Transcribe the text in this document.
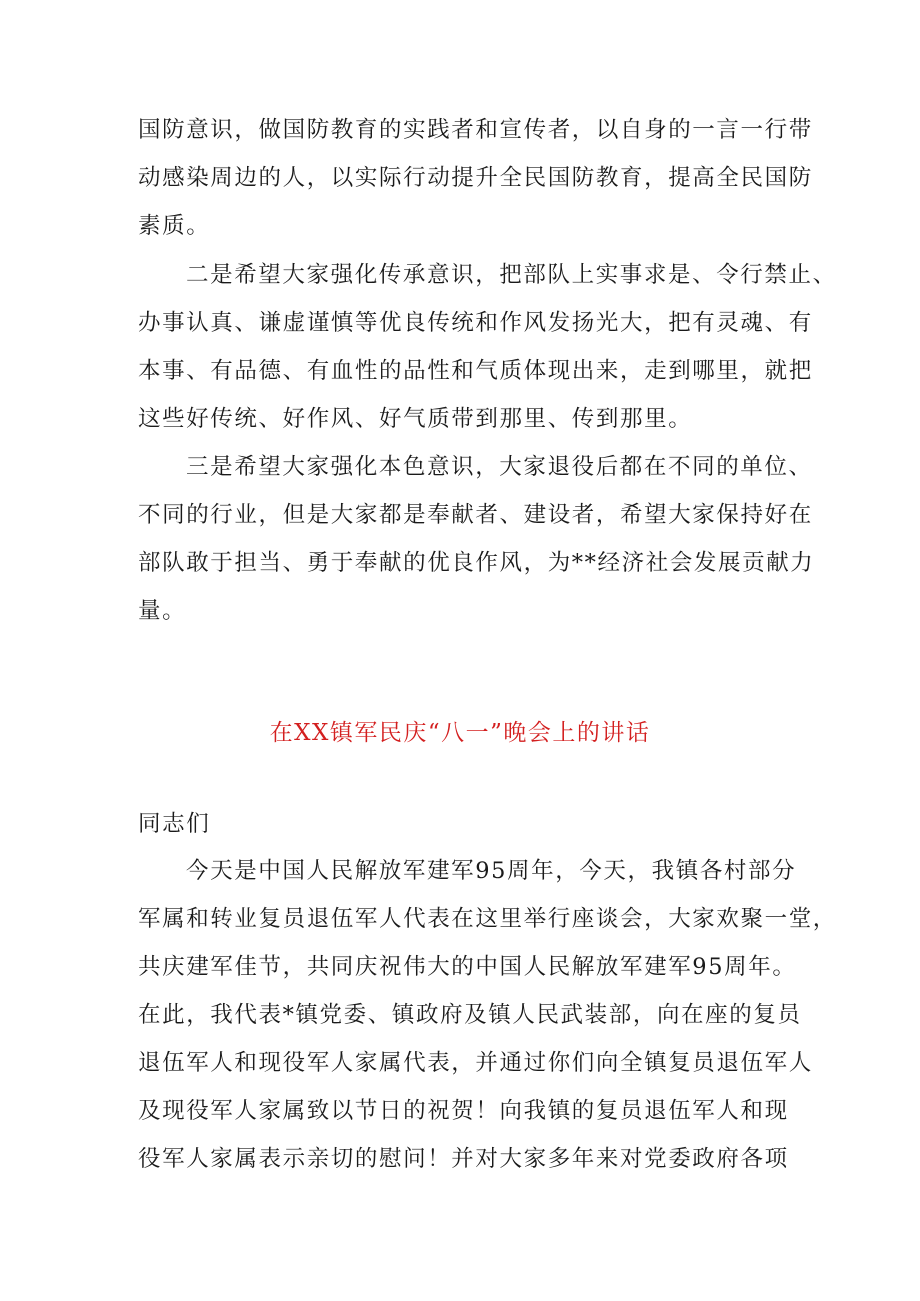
国防意识，做国防教育的实践者和宣传者，以自身的一言一行带
动感染周边的人，以实际行动提升全民国防教育，提高全民国防
素质。
二是希望大家强化传承意识，把部队上实事求是、令行禁止、
办事认真、谦虚谨慎等优良传统和作风发扬光大，把有灵魂、有
本事、有品德、有血性的品性和气质体现出来，走到哪里，就把
这些好传统、好作风、好气质带到那里、传到那里。
三是希望大家强化本色意识，大家退役后都在不同的单位、
不同的行业，但是大家都是奉献者、建设者，希望大家保持好在
部队敢于担当、勇于奉献的优良作风，为**经济社会发展贡献力
量。
在XX镇军民庆“八一”晚会上的讲话
同志们
今天是中国人民解放军建军95周年，今天，我镇各村部分
军属和转业复员退伍军人代表在这里举行座谈会，大家欢聚一堂，
共庆建军佳节，共同庆祝伟大的中国人民解放军建军95周年。
在此，我代表*镇党委、镇政府及镇人民武装部，向在座的复员
退伍军人和现役军人家属代表，并通过你们向全镇复员退伍军人
及现役军人家属致以节日的祝贺！向我镇的复员退伍军人和现
役军人家属表示亲切的慰问！并对大家多年来对党委政府各项
